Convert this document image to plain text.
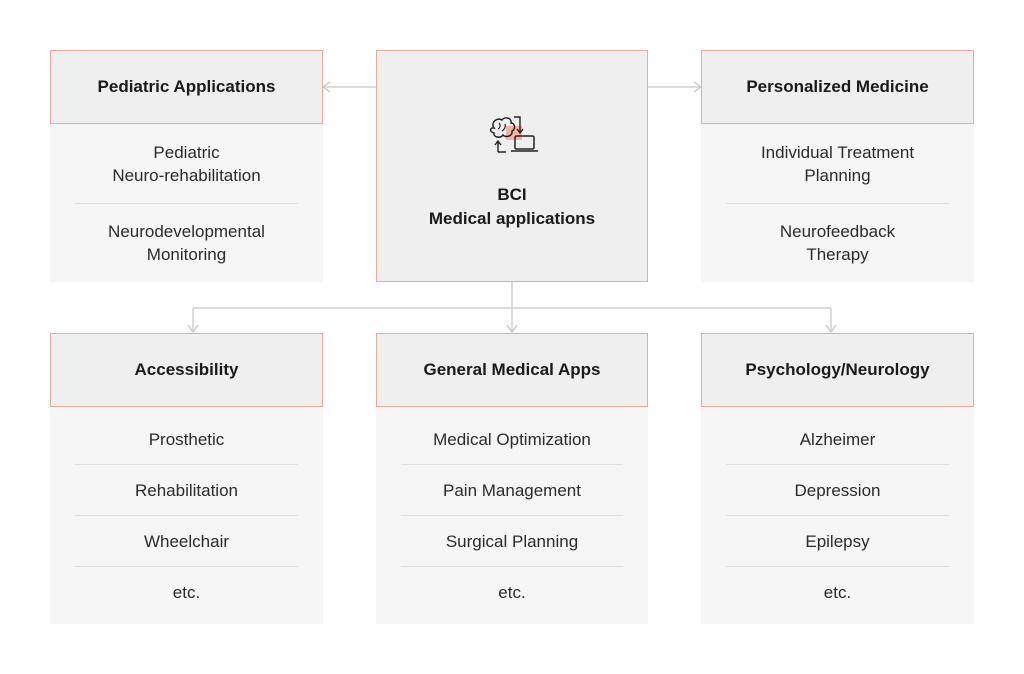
BCI
Medical applications
Pediatric
Neuro-rehabilitation
Neurodevelopmental
Monitoring
Pediatric Applications
Individual Treatment
Planning
Neurofeedback
Therapy
Personalized Medicine
Prosthetic
Rehabilitation
Wheelchair
etc.
Accessibility
Medical Optimization
Pain Management
Surgical Planning
etc.
General Medical Apps
Alzheimer
Depression
Epilepsy
etc.
Psychology/Neurology
